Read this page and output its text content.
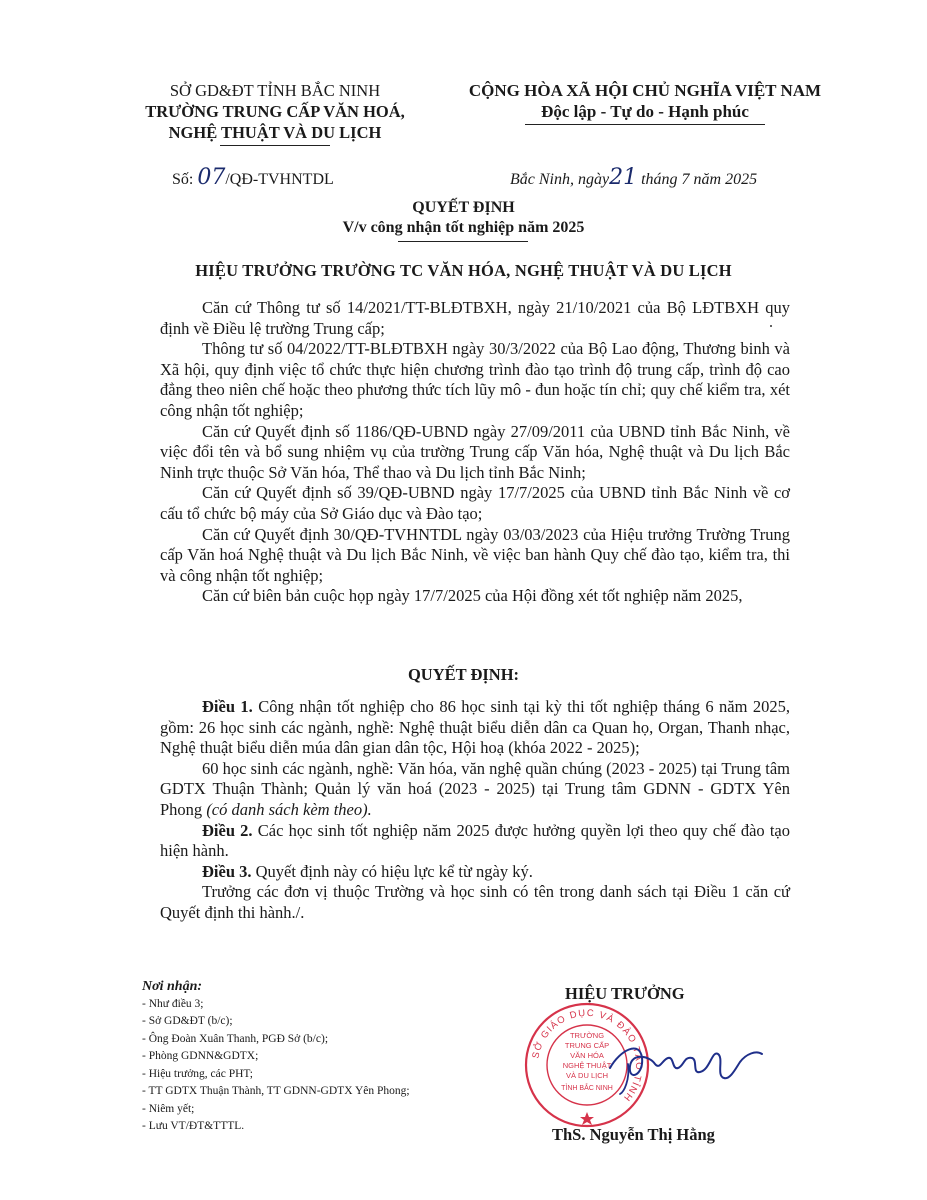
SỞ GD&ĐT TỈNH BẮC NINH
TRƯỜNG TRUNG CẤP VĂN HOÁ,
NGHỆ THUẬT VÀ DU LỊCH
CỘNG HÒA XÃ HỘI CHỦ NGHĨA VIỆT NAM
Độc lập - Tự do - Hạnh phúc
Số: 07/QĐ-TVHNTDL	Bắc Ninh, ngày21 tháng 7 năm 2025
QUYẾT ĐỊNH
V/v công nhận tốt nghiệp năm 2025
HIỆU TRƯỞNG TRƯỜNG TC VĂN HÓA, NGHỆ THUẬT VÀ DU LỊCH

Căn cứ Thông tư số 14/2021/TT-BLĐTBXH, ngày 21/10/2021 của Bộ LĐTBXH quy định về Điều lệ trường Trung cấp;

Thông tư số 04/2022/TT-BLĐTBXH ngày 30/3/2022 của Bộ Lao động, Thương binh và Xã hội, quy định việc tổ chức thực hiện chương trình đào tạo trình độ trung cấp, trình độ cao đẳng theo niên chế hoặc theo phương thức tích lũy mô - đun hoặc tín chỉ; quy chế kiểm tra, xét công nhận tốt nghiệp;

Căn cứ Quyết định số 1186/QĐ-UBND ngày 27/09/2011 của UBND tỉnh Bắc Ninh, về việc đổi tên và bổ sung nhiệm vụ của trường Trung cấp Văn hóa, Nghệ thuật và Du lịch Bắc Ninh trực thuộc Sở Văn hóa, Thể thao và Du lịch tỉnh Bắc Ninh;

Căn cứ Quyết định số 39/QĐ-UBND ngày 17/7/2025 của UBND tỉnh Bắc Ninh về cơ cấu tổ chức bộ máy của Sở Giáo dục và Đào tạo;

Căn cứ Quyết định 30/QĐ-TVHNTDL ngày 03/03/2023 của Hiệu trưởng Trường Trung cấp Văn hoá Nghệ thuật và Du lịch Bắc Ninh, về việc ban hành Quy chế đào tạo, kiểm tra, thi và công nhận tốt nghiệp;

Căn cứ biên bản cuộc họp ngày 17/7/2025 của Hội đồng xét tốt nghiệp năm 2025,

QUYẾT ĐỊNH:

Điều 1. Công nhận tốt nghiệp cho 86 học sinh tại kỳ thi tốt nghiệp tháng 6 năm 2025, gồm: 26 học sinh các ngành, nghề: Nghệ thuật biểu diễn dân ca Quan họ, Organ, Thanh nhạc, Nghệ thuật biểu diễn múa dân gian dân tộc, Hội hoạ (khóa 2022 - 2025);

60 học sinh các ngành, nghề: Văn hóa, văn nghệ quần chúng (2023 - 2025) tại Trung tâm GDTX Thuận Thành; Quản lý văn hoá (2023 - 2025) tại Trung tâm GDNN - GDTX Yên Phong (có danh sách kèm theo).

Điều 2. Các học sinh tốt nghiệp năm 2025 được hưởng quyền lợi theo quy chế đào tạo hiện hành.

Điều 3. Quyết định này có hiệu lực kể từ ngày ký.

Trưởng các đơn vị thuộc Trường và học sinh có tên trong danh sách tại Điều 1 căn cứ Quyết định thi hành./.

Nơi nhận:
- Như điều 3;
- Sở GD&ĐT (b/c);
- Ông Đoàn Xuân Thanh, PGĐ Sở (b/c);
- Phòng GDNN&GDTX;
- Hiệu trưởng, các PHT;
- TT GDTX Thuận Thành, TT GDNN-GDTX Yên Phong;
- Niêm yết;
- Lưu VT/ĐT&TTTL.
HIỆU TRƯỞNG
SỞ GIÁO DỤC VÀ ĐÀO TẠO TỈNH
TRƯỜNG
TRUNG CẤP
VĂN HÓA
NGHỆ THUẬT
VÀ DU LỊCH
TỈNH BẮC NINH
ThS. Nguyễn Thị Hằng
